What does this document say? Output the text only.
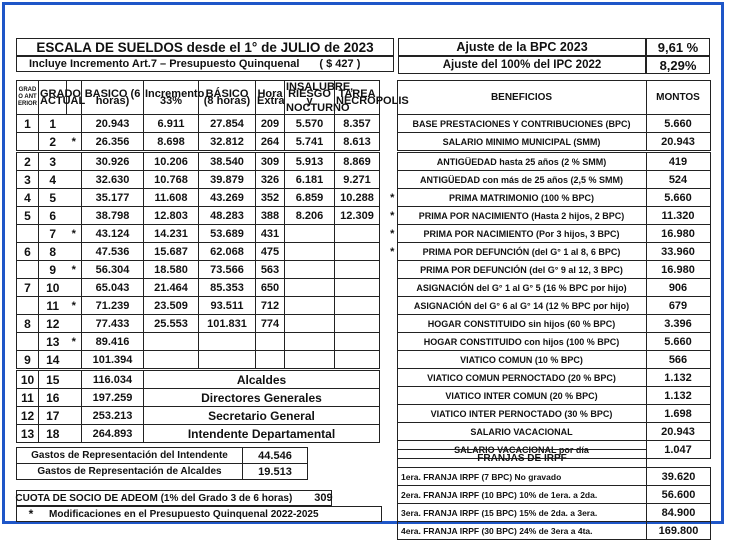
ESCALA DE SUELDOS desde el 1° de JULIO de 2023
Incluye Incremento Art.7 – Presupuesto Quinquenal ( $ 427 )
Ajuste de la BPC 2023	9,61 %
Ajuste del 100% del IPC 2022	8,29%
GRADO ANTERIOR	GRADO ACTUAL		BASICO (6 horas)	Incremento 33%	BÁSICO (8 horas)	Hora Extra	INSALUBRE, RIESGO y NOCTURNO	TAREA NECROPOLIS
1	1		20.943	6.911	27.854	209	5.570	8.357
	2	*	26.356	8.698	32.812	264	5.741	8.613
2	3		30.926	10.206	38.540	309	5.913	8.869
3	4		32.630	10.768	39.879	326	6.181	9.271
4	5		35.177	11.608	43.269	352	6.859	10.288
5	6		38.798	12.803	48.283	388	8.206	12.309
	7	*	43.124	14.231	53.689	431		
6	8		47.536	15.687	62.068	475		
	9	*	56.304	18.580	73.566	563		
7	10		65.043	21.464	85.353	650		
	11	*	71.239	23.509	93.511	712		
8	12		77.433	25.553	101.831	774		
	13	*	89.416					
9	14		101.394					
10	15		116.034	Alcaldes
11	16		197.259	Directores Generales
12	17		253.213	Secretario General
13	18		264.893	Intendente Departamental
Gastos de Representación del Intendente	44.546
Gastos de Representación de Alcaldes	19.513
CUOTA DE SOCIO DE ADEOM (1% del Grado 3 de 6 horas) 309
*	Modificaciones en el Presupuesto Quinquenal 2022-2025
	BENEFICIOS	MONTOS
	BASE PRESTACIONES Y CONTRIBUCIONES (BPC)	5.660
	SALARIO MINIMO MUNICIPAL (SMM)	20.943
	ANTIGÜEDAD hasta 25 años (2 % SMM)	419
	ANTIGÜEDAD con más de 25 años (2,5 % SMM)	524
*	PRIMA MATRIMONIO (100 % BPC)	5.660
*	PRIMA POR NACIMIENTO (Hasta 2 hijos, 2 BPC)	11.320
*	PRIMA POR NACIMIENTO (Por 3 hijos, 3 BPC)	16.980
*	PRIMA POR DEFUNCIÓN (del G° 1 al 8, 6 BPC)	33.960
	PRIMA POR DEFUNCIÓN (del G° 9 al 12, 3 BPC)	16.980
	ASIGNACIÓN del G° 1 al G° 5 (16 % BPC por hijo)	906
	ASIGNACIÓN del G° 6 al G° 14 (12 % BPC por hijo)	679
	HOGAR CONSTITUIDO sin hijos (60 % BPC)	3.396
	HOGAR CONSTITUIDO con hijos (100 % BPC)	5.660
	VIATICO COMUN (10 % BPC)	566
	VIATICO COMUN PERNOCTADO (20 % BPC)	1.132
	VIATICO INTER COMUN (20 % BPC)	1.132
	VIATICO INTER PERNOCTADO (30 % BPC)	1.698
	SALARIO VACACIONAL	20.943
	SALARIO VACACIONAL por día	1.047
FRANJAS DE IRPF	
1era. FRANJA IRPF (7 BPC) No gravado	39.620
2era. FRANJA IRPF (10 BPC) 10% de 1era. a 2da.	56.600
3era. FRANJA IRPF (15 BPC) 15% de 2da. a 3era.	84.900
4era. FRANJA IRPF (30 BPC) 24% de 3era a 4ta.	169.800
